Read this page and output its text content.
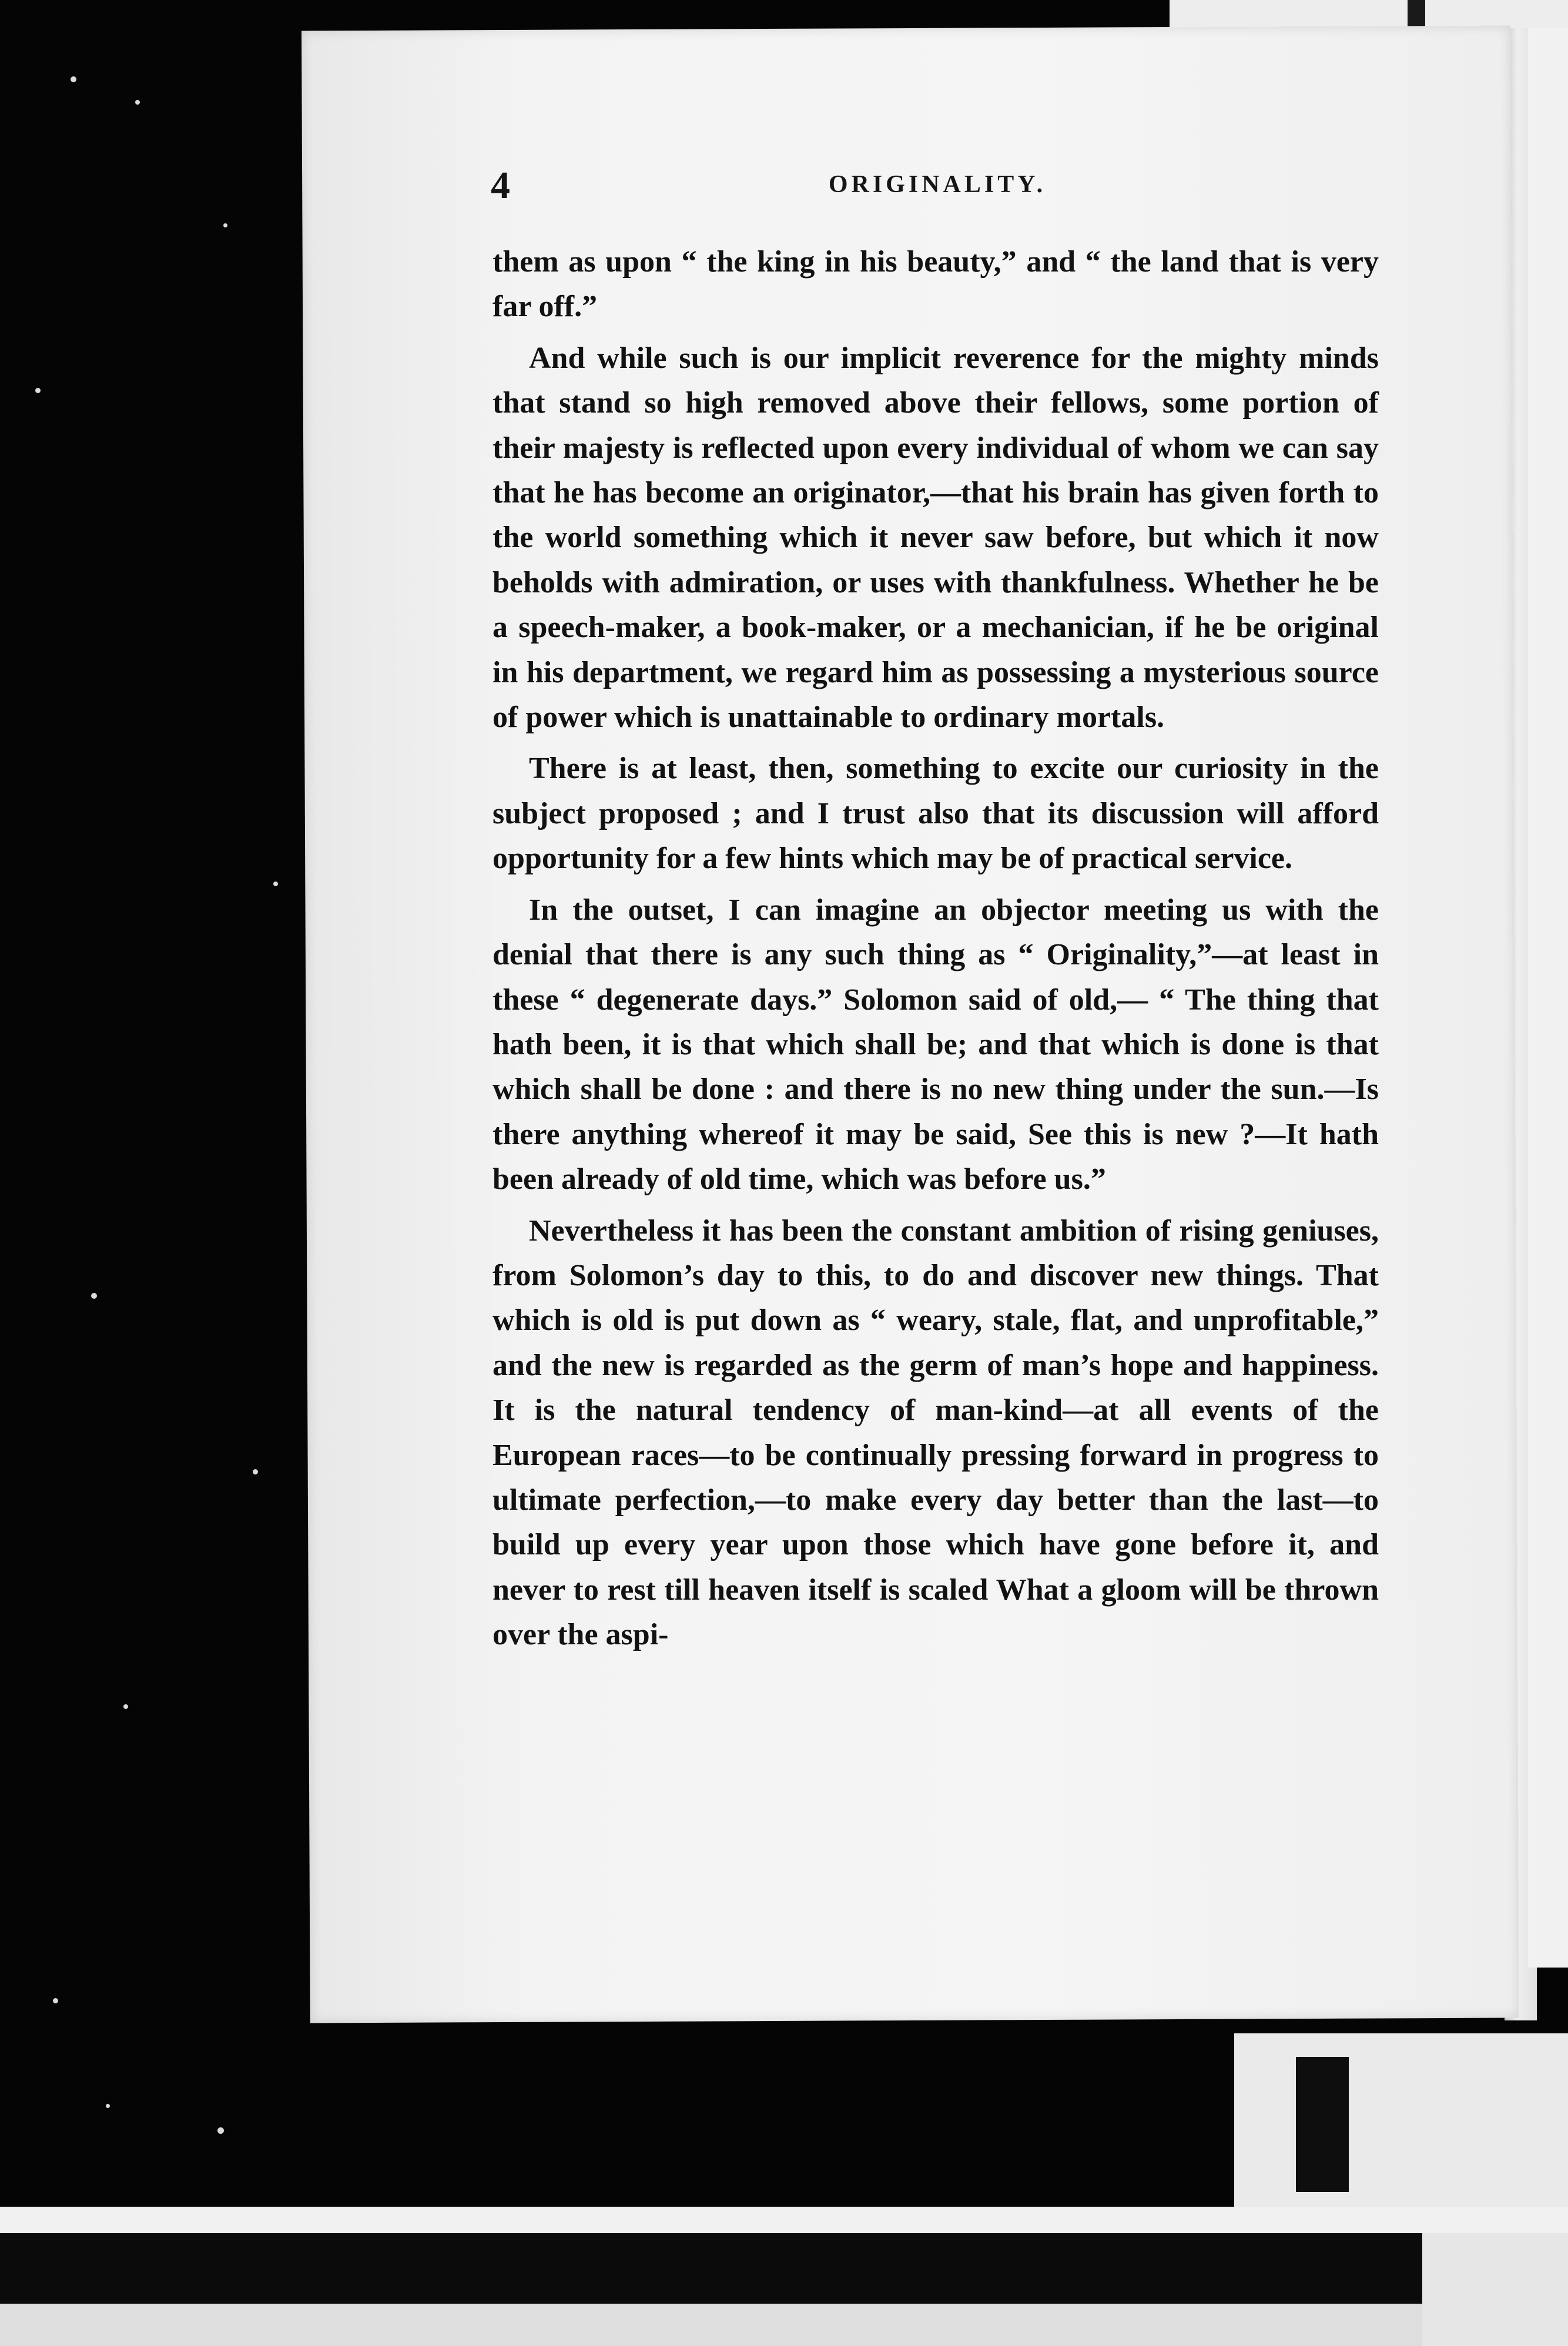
4	ORIGINALITY.

them as upon “ the king in his beauty,” and “ the land that is very far off.”

And while such is our implicit reverence for the mighty minds that stand so high removed above their fellows, some portion of their majesty is reflected upon every individual of whom we can say that he has become an originator,—that his brain has given forth to the world something which it never saw before, but which it now beholds with admiration, or uses with thankfulness. Whether he be a speech-maker, a book-maker, or a mechanician, if he be original in his department, we regard him as possessing a mysterious source of power which is unattainable to ordinary mortals.

There is at least, then, something to excite our curiosity in the subject proposed ; and I trust also that its discussion will afford opportunity for a few hints which may be of practical service.

In the outset, I can imagine an objector meeting us with the denial that there is any such thing as “ Originality,”—at least in these “ degenerate days.” Solomon said of old,— “ The thing that hath been, it is that which shall be; and that which is done is that which shall be done : and there is no new thing under the sun.—Is there anything whereof it may be said, See this is new ?—It hath been already of old time, which was before us.”

Nevertheless it has been the constant ambition of rising geniuses, from Solomon’s day to this, to do and discover new things. That which is old is put down as “ weary, stale, flat, and unprofitable,” and the new is regarded as the germ of man’s hope and happiness. It is the natural tendency of man-kind—at all events of the European races—to be continually pressing forward in progress to ultimate perfection,—to make every day better than the last—to build up every year upon those which have gone before it, and never to rest till heaven itself is scaled What a gloom will be thrown over the aspi-
